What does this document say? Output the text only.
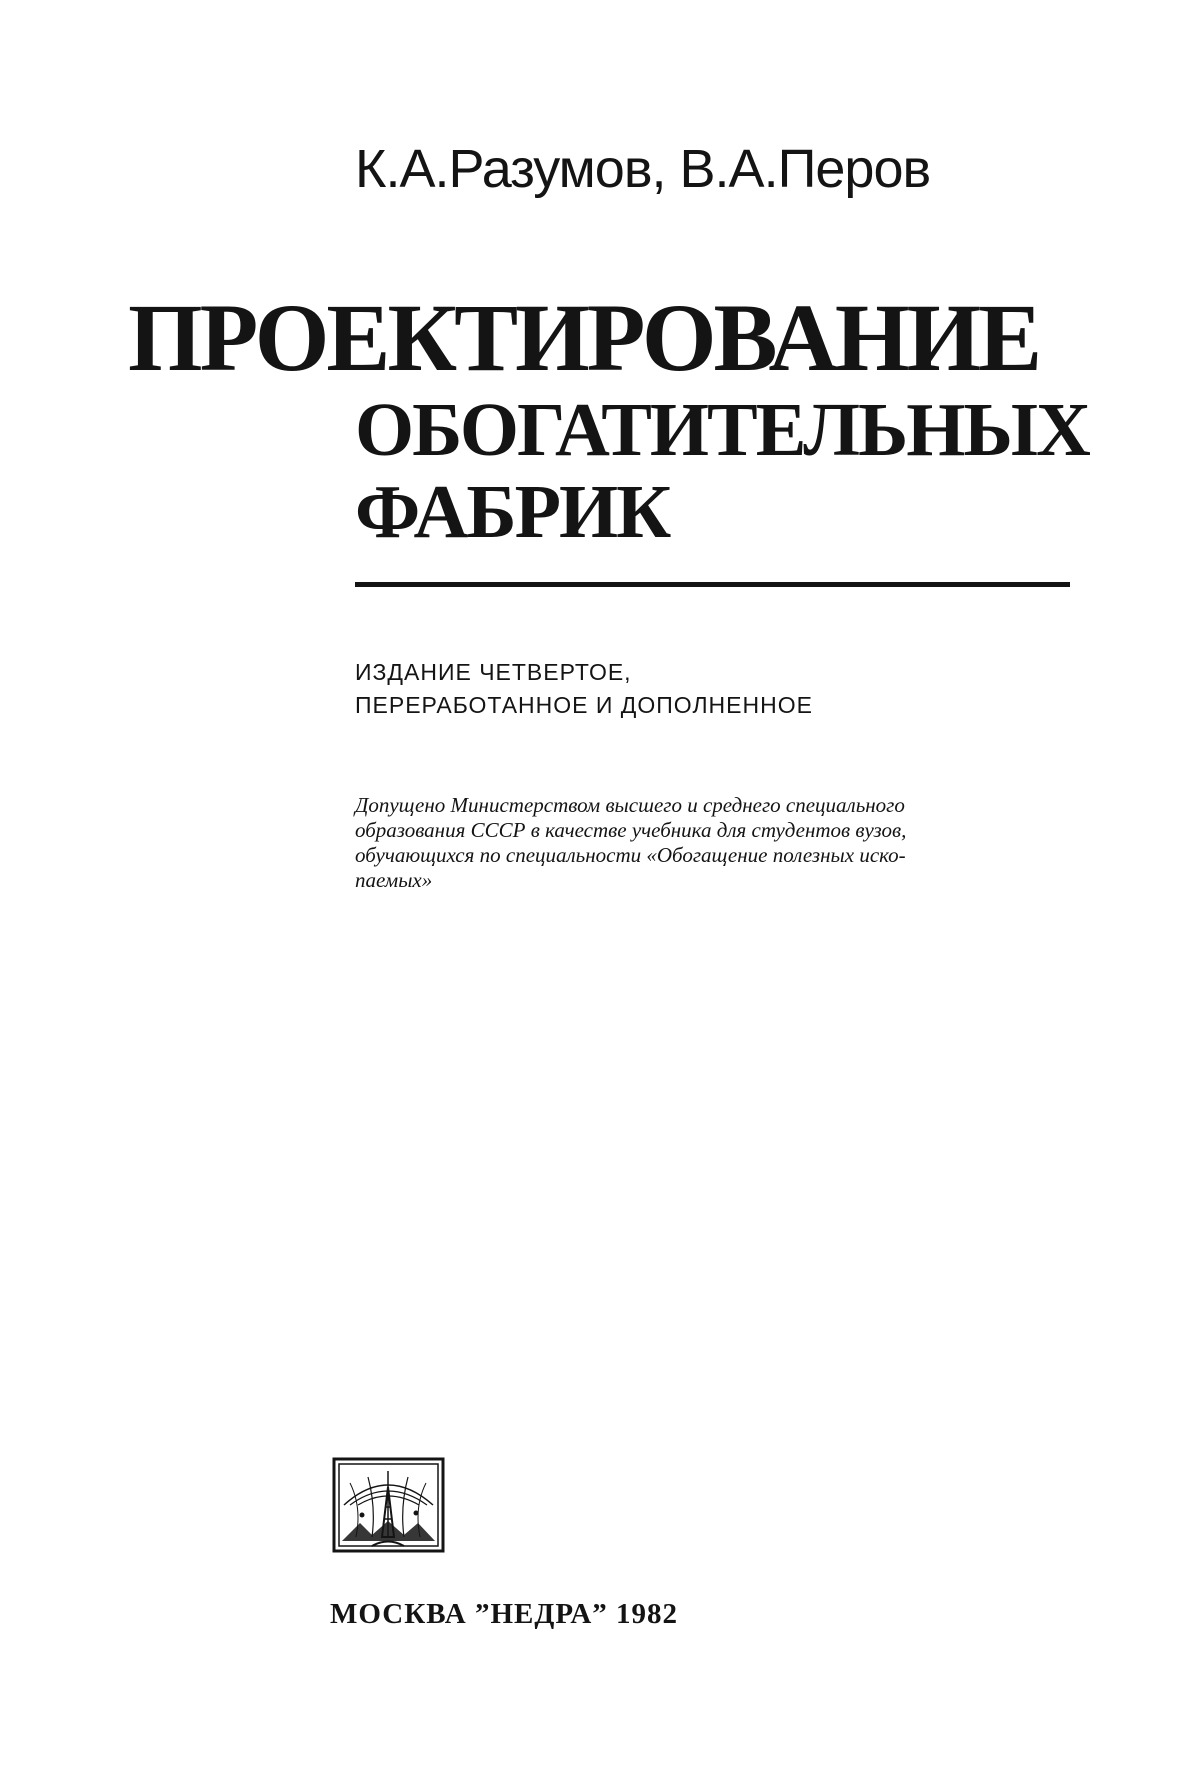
К.А.Разумов, В.А.Перов
ПРОЕКТИРОВАНИЕ
ОБОГАТИТЕЛЬНЫХ
ФАБРИК
ИЗДАНИЕ ЧЕТВЕРТОЕ,
ПЕРЕРАБОТАННОЕ И ДОПОЛНЕННОЕ
Допущено Министерством высшего и среднего специального
образования СССР в качестве учебника для студентов вузов,
обучающихся по специальности «Обогащение полезных иско-
паемых»
МОСКВА ”НЕДРА” 1982
